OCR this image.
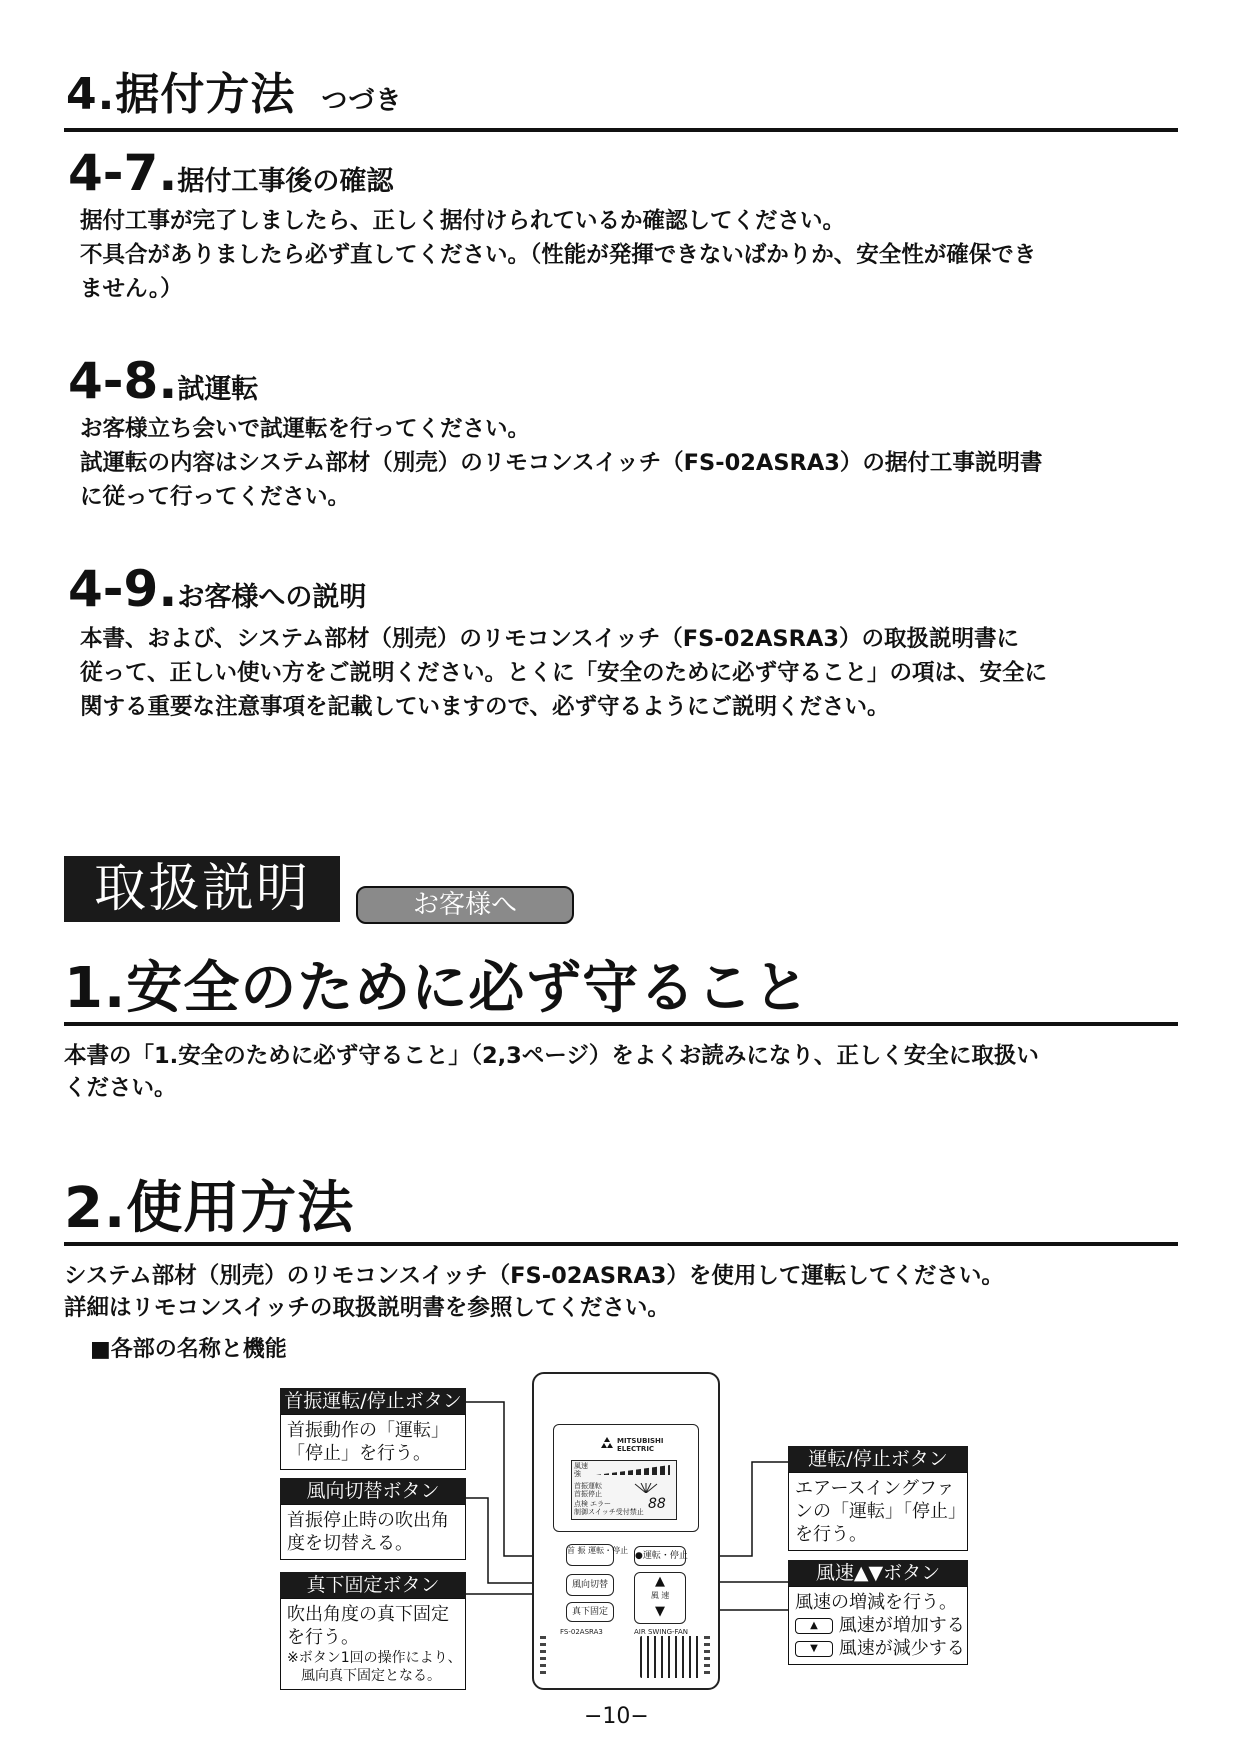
4.据付方法 つづき
4-7.据付工事後の確認
据付工事が完了しましたら、正しく据付けられているか確認してください。
不具合がありましたら必ず直してください。（性能が発揮できないばかりか、安全性が確保でき
ません。）
4-8.試運転
お客様立ち会いで試運転を行ってください。
試運転の内容はシステム部材（別売）のリモコンスイッチ（FS-02ASRA3）の据付工事説明書
に従って行ってください。
4-9.お客様への説明
本書、および、システム部材（別売）のリモコンスイッチ（FS-02ASRA3）の取扱説明書に
従って、正しい使い方をご説明ください。とくに「安全のために必ず守ること」の項は、安全に
関する重要な注意事項を記載していますので、必ず守るようにご説明ください。
取扱説明	お客様へ
1.安全のために必ず守ること
本書の「1.安全のために必ず守ること」（2,3ページ）をよくお読みになり、正しく安全に取扱い
ください。
2.使用方法
システム部材（別売）のリモコンスイッチ（FS-02ASRA3）を使用して運転してください。
詳細はリモコンスイッチの取扱説明書を参照してください。
■各部の名称と機能
MITSUBISHI ELECTRIC
風速
強
首振運転
首振停止
点検 エラー
制御スイッチ受付禁止 88
首 振 運転・停止
●運転・停止
風向切替
真下固定
▲
風 速
▼
FS-02ASRA3	AIR SWING-FAN
首振運転/停止ボタン
首振動作の「運転」
「停止」を行う。
風向切替ボタン
首振停止時の吹出角
度を切替える。
真下固定ボタン
吹出角度の真下固定
を行う。
※ボタン1回の操作により、
風向真下固定となる。
運転/停止ボタン
エアースイングファ
ンの「運転」「停止」
を行う。
風速▲▼ボタン
風速の増減を行う。
▲ 風速が増加する
▼ 風速が減少する
−10−
